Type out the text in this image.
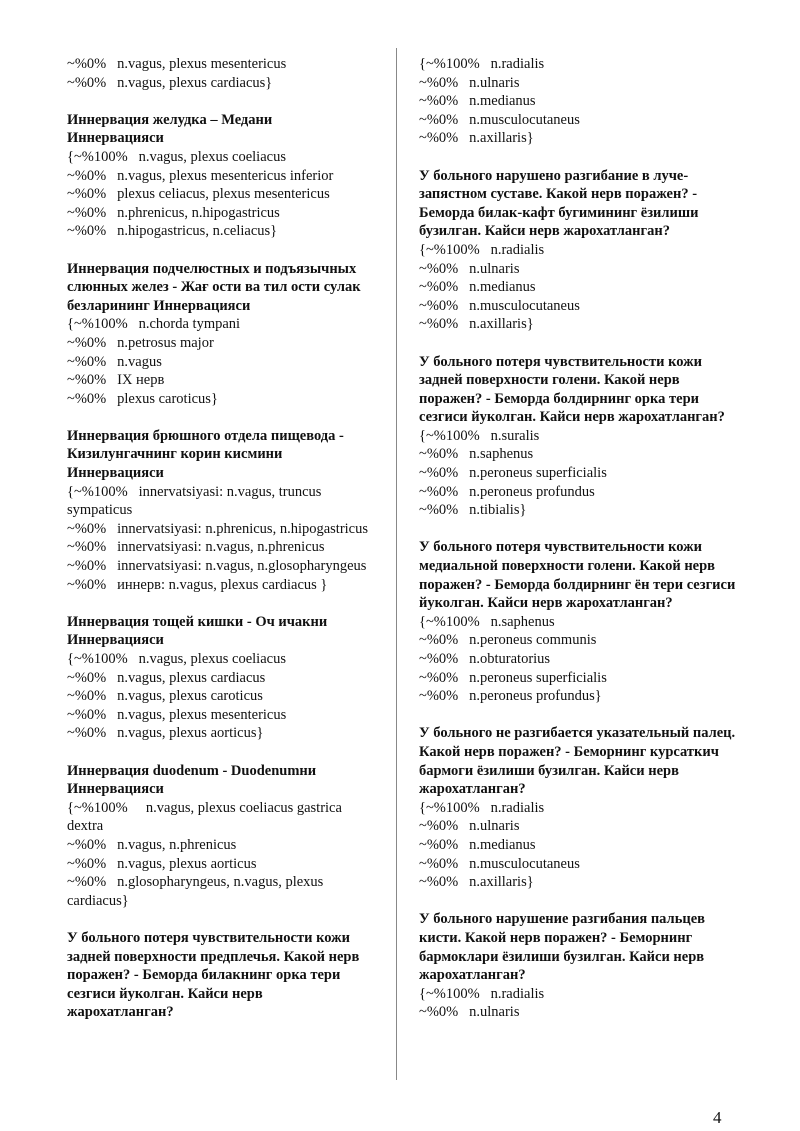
~%0%   n.vagus, plexus mesentericus
~%0%   n.vagus, plexus cardiacus}
Иннервация желудка – Медани Иннервацияси
{~%100%   n.vagus, plexus coeliacus
~%0%   n.vagus, plexus mesentericus inferior
~%0%   plexus celiacus, plexus mesentericus
~%0%   n.phrenicus, n.hipogastricus
~%0%   n.hipogastricus, n.celiacus}
Иннервация подчелюстных и подъязычных слюнных желез - Жағ ости ва тил ости сулак безларининг Иннервацияси
{~%100%   n.chorda tympani
~%0%   n.petrosus major
~%0%   n.vagus
~%0%   IX нерв
~%0%   plexus caroticus}
Иннервация брюшного отдела пищевода - Кизилунгачнинг корин кисмини Иннервацияси
{~%100%   innervatsiyasi: n.vagus, truncus sympaticus
~%0%   innervatsiyasi: n.phrenicus, n.hipogastricus
~%0%   innervatsiyasi: n.vagus, n.phrenicus
~%0%   innervatsiyasi: n.vagus, n.glosopharyngeus
~%0%   иннерв: n.vagus, plexus cardiacus }
Иннервация тощей кишки - Оч ичакни Иннервацияси
{~%100%   n.vagus, plexus coeliacus
~%0%   n.vagus, plexus cardiacus
~%0%   n.vagus, plexus caroticus
~%0%   n.vagus, plexus mesentericus
~%0%   n.vagus, plexus aorticus}
Иннервация duodenum - Duodenumни Иннервацияси
{~%100%     n.vagus, plexus coeliacus gastrica dextra
~%0%   n.vagus, n.phrenicus
~%0%   n.vagus, plexus aorticus
~%0%   n.glosopharyngeus, n.vagus, plexus cardiacus}
У больного потеря чувствительности кожи задней поверхности предплечья. Какой нерв поражен? - Беморда билакнинг орка тери сезгиси йуколган. Кайси нерв жарохатланган?
{~%100%   n.radialis
~%0%   n.ulnaris
~%0%   n.medianus
~%0%   n.musculocutaneus
~%0%   n.axillaris}
У больного нарушено разгибание в луче-запястном суставе. Какой нерв поражен? - Беморда билак-кафт бугимининг ёзилиши бузилган. Кайси нерв жарохатланган?
{~%100%   n.radialis
~%0%   n.ulnaris
~%0%   n.medianus
~%0%   n.musculocutaneus
~%0%   n.axillaris}
У больного потеря чувствительности кожи задней поверхности голени. Какой нерв поражен? - Беморда болдирнинг орка тери сезгиси йуколган. Кайси нерв жарохатланган?
{~%100%   n.suralis
~%0%   n.saphenus
~%0%   n.peroneus superficialis
~%0%   n.peroneus profundus
~%0%   n.tibialis}
У больного потеря чувствительности кожи медиальной поверхности голени. Какой нерв поражен? - Беморда болдирнинг ён тери сезгиси йуколган. Кайси нерв жарохатланган?
{~%100%   n.saphenus
~%0%   n.peroneus communis
~%0%   n.obturatorius
~%0%   n.peroneus superficialis
~%0%   n.peroneus profundus}
У больного не разгибается указательный палец. Какой нерв поражен? - Беморнинг курсаткич бармоги ёзилиши бузилган. Кайси нерв жарохатланган?
{~%100%   n.radialis
~%0%   n.ulnaris
~%0%   n.medianus
~%0%   n.musculocutaneus
~%0%   n.axillaris}
У больного нарушение разгибания пальцев кисти. Какой нерв поражен? - Беморнинг бармоклари ёзилиши бузилган. Кайси нерв жарохатланган?
{~%100%   n.radialis
~%0%   n.ulnaris
4
